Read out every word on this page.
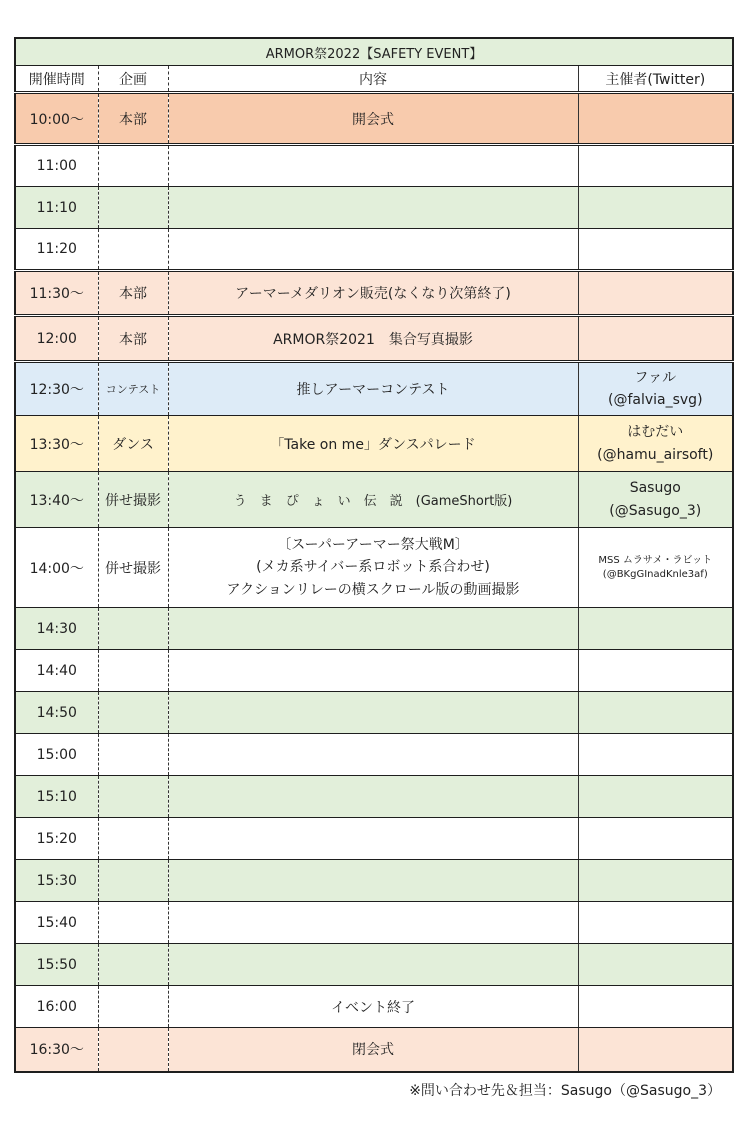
ARMOR祭2022【SAFETY EVENT】			
開催時間	企画	内容	主催者(Twitter)
10:00～	本部	開会式	
11:00			
11:10			
11:20			
11:30～	本部	アーマーメダリオン販売(なくなり次第終了)	
12:00	本部	ARMOR祭2021　集合写真撮影	
12:30～	コンテスト	推しアーマーコンテスト	ファル
(@falvia_svg)

13:30～	ダンス	「Take on me」ダンスパレード	はむだい
(@hamu_airsoft)

13:40～	併せ撮影	う　ま　ぴ　ょ　い　伝　説　(GameShort版)	Sasugo
(@Sasugo_3)

14:00～	併せ撮影	〔スーパーアーマー祭大戦M〕
(メカ系サイバー系ロボット系合わせ)
アクションリレーの横スクロール版の動画撮影	MSS ムラサメ・ラビット
(@BKgGInadKnle3af)

14:30			
14:40			
14:50			
15:00			
15:10			
15:20			
15:30			
15:40			
15:50			
16:00		イベント終了	
16:30～		閉会式	
※問い合わせ先＆担当：Sasugo（@Sasugo_3）
